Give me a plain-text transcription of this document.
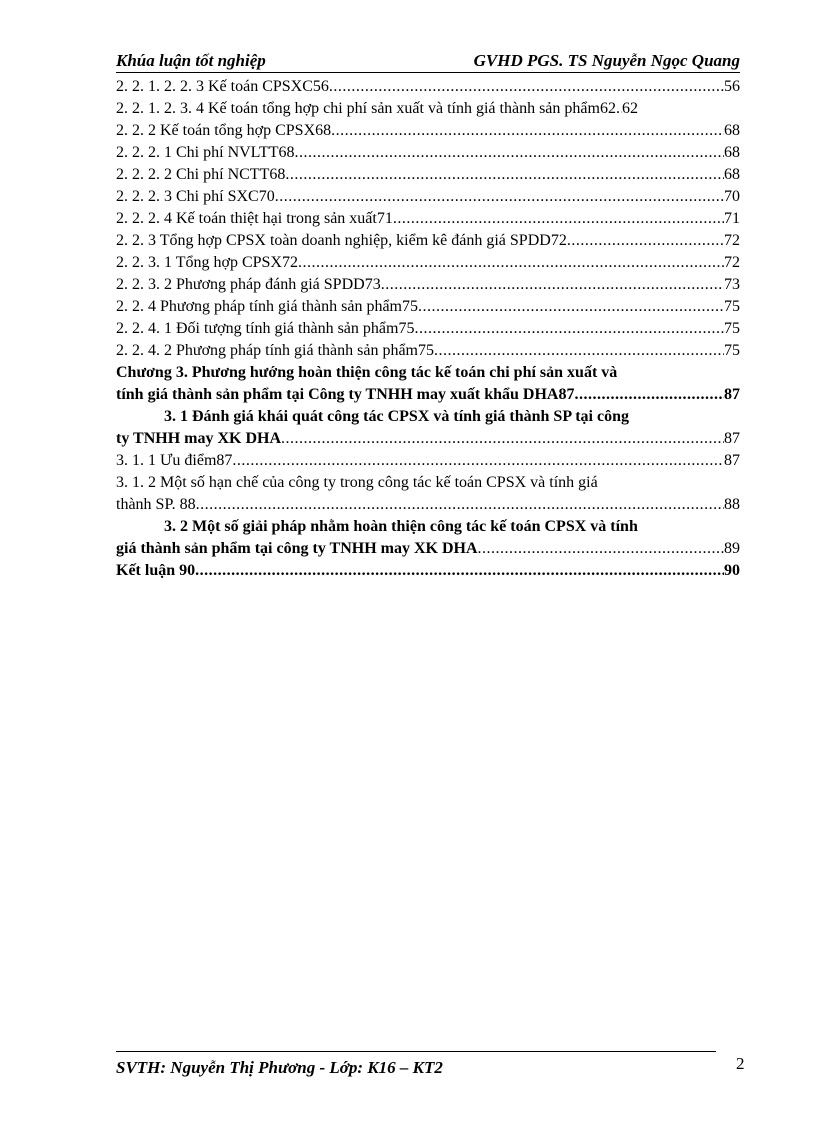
Khúa luận tốt nghiệp	GVHD PGS. TS Nguyễn Ngọc Quang
2. 2. 1. 2. 2. 3 Kế toán CPSXC56 .....	56
2. 2. 1. 2. 3. 4 Kế toán tổng hợp chi phí sản xuất và tính giá thành sản phẩm62 ..... 62
2. 2. 2 Kế toán tổng hợp CPSX68 .....	68
2. 2. 2. 1 Chi phí NVLTT68 .....	68
2. 2. 2. 2 Chi phí NCTT68 .....	68
2. 2. 2. 3 Chi phí SXC70 .....	70
2. 2. 2. 4 Kế toán thiệt hại trong sản xuất71 .....	71
2. 2. 3 Tổng hợp CPSX toàn doanh nghiệp, kiểm kê đánh giá SPDD72 .....	72
2. 2. 3. 1 Tổng hợp CPSX72 .....	72
2. 2. 3. 2 Phương pháp đánh giá SPDD73 .....	73
2. 2. 4 Phương pháp tính giá thành sản phẩm75 .....	75
2. 2. 4. 1 Đối tượng tính giá thành sản phẩm75 .....	75
2. 2. 4. 2 Phương pháp tính giá thành sản phẩm75 .....	75
Chương 3. Phương hướng hoàn thiện công tác kế toán chi phí sản xuất và
tính giá thành sản phẩm tại Công ty TNHH may xuất khẩu DHA87 .....	87
3. 1 Đánh giá khái quát công tác CPSX và tính giá thành SP tại công
ty TNHH may XK DHA .....	87
3. 1. 1 Ưu điểm87 .....	87
3. 1. 2 Một số hạn chế của công ty trong công tác kế toán CPSX và tính giá
thành SP. 88 .....	88
3. 2 Một số giải pháp nhằm hoàn thiện công tác kế toán CPSX và tính
giá thành sản phẩm tại công ty TNHH may XK DHA .....	89
Kết luận 90 .....	90
SVTH: Nguyễn Thị Phương - Lớp: K16 – KT2	2
